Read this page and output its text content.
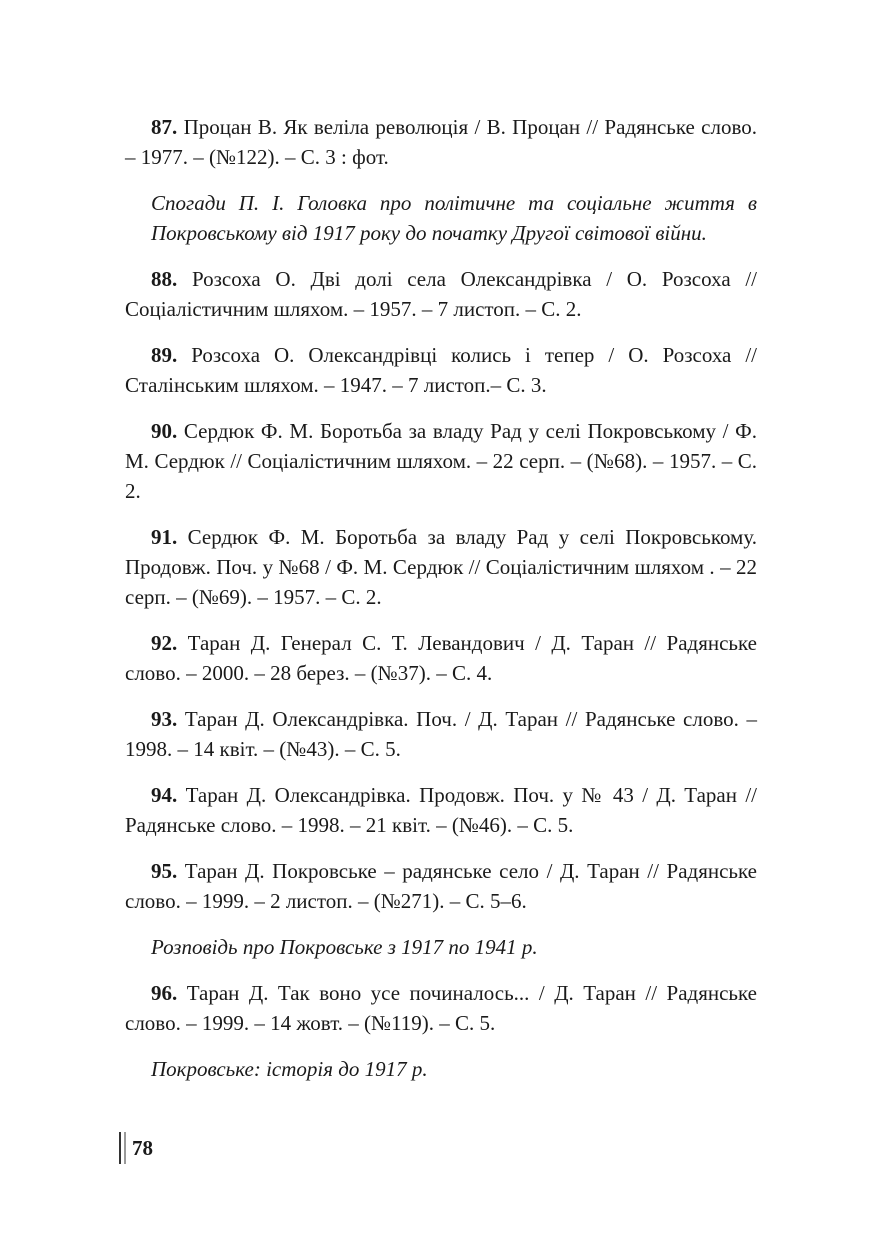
87. Процан В. Як веліла революція / В. Процан // Радянське слово. – 1977. – (№122). – С. 3 : фот.

Спогади П. І. Головка про політичне та соціальне життя в Покровському від 1917 року до початку Другої світової війни.

88. Розсоха О. Дві долі села Олександрівка / О. Розсоха // Соціалістичним шляхом. – 1957. – 7 листоп. – С. 2.

89. Розсоха О. Олександрівці колись і тепер / О. Розсоха // Сталінським шляхом. – 1947. – 7 листоп.– С. 3.

90. Сердюк Ф. М. Боротьба за владу Рад у селі Покровському / Ф. М. Сердюк // Соціалістичним шляхом. – 22 серп. – (№68). – 1957. – С. 2.

91. Сердюк Ф. М. Боротьба за владу Рад у селі Покровському. Продовж. Поч. у №68 / Ф. М. Сердюк // Соціалістичним шляхом . – 22 серп. – (№69). – 1957. – С. 2.

92. Таран Д. Генерал С. Т. Левандович / Д. Таран // Радянське слово. – 2000. – 28 берез. – (№37). – С. 4.

93. Таран Д. Олександрівка. Поч. / Д. Таран // Радянське слово. – 1998. – 14 квіт. – (№43). – С. 5.

94. Таран Д. Олександрівка. Продовж. Поч. у № 43 / Д. Таран // Радянське слово. – 1998. – 21 квіт. – (№46). – С. 5.

95. Таран Д. Покровське – радянське село / Д. Таран // Радянське слово. – 1999. – 2 листоп. – (№271). – С. 5–6.

Розповідь про Покровське з 1917 по 1941 р.

96. Таран Д. Так воно усе починалось... / Д. Таран // Радянське слово. – 1999. – 14 жовт. – (№119). – С. 5.

Покровське: історія до 1917 р.

78
